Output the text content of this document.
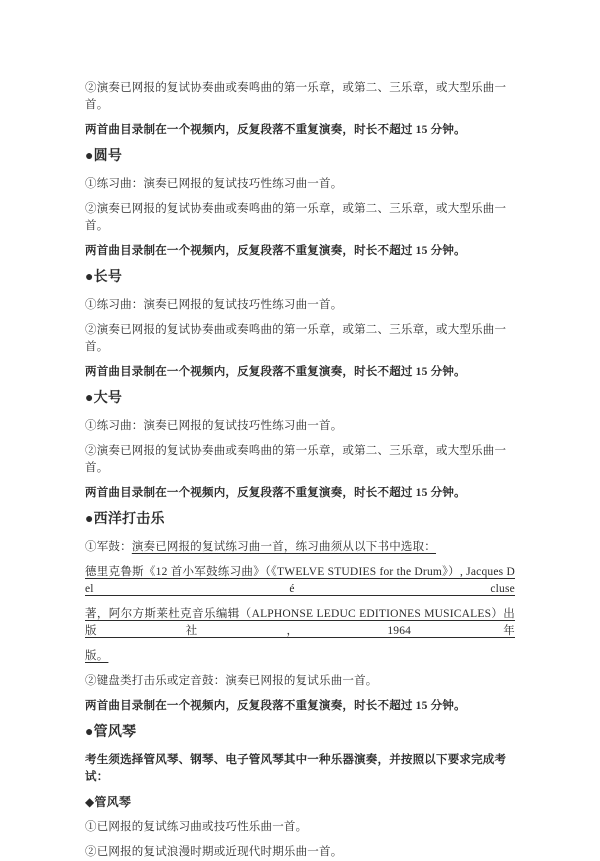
②演奏已网报的复试协奏曲或奏鸣曲的第一乐章，或第二、三乐章，或大型乐曲一首。

两首曲目录制在一个视频内，反复段落不重复演奏，时长不超过 15 分钟。

●圆号

①练习曲：演奏已网报的复试技巧性练习曲一首。

②演奏已网报的复试协奏曲或奏鸣曲的第一乐章，或第二、三乐章，或大型乐曲一首。

两首曲目录制在一个视频内，反复段落不重复演奏，时长不超过 15 分钟。

●长号

①练习曲：演奏已网报的复试技巧性练习曲一首。

②演奏已网报的复试协奏曲或奏鸣曲的第一乐章，或第二、三乐章，或大型乐曲一首。

两首曲目录制在一个视频内，反复段落不重复演奏，时长不超过 15 分钟。

●大号

①练习曲：演奏已网报的复试技巧性练习曲一首。

②演奏已网报的复试协奏曲或奏鸣曲的第一乐章，或第二、三乐章，或大型乐曲一首。

两首曲目录制在一个视频内，反复段落不重复演奏，时长不超过 15 分钟。

●西洋打击乐

①军鼓：演奏已网报的复试练习曲一首，练习曲须从以下书中选取：

德里克鲁斯《12 首小军鼓练习曲》（《TWELVE STUDIES for the Drum》）, Jacques Del é cluse

著，阿尔方斯莱杜克音乐编辑（ALPHONSE LEDUC EDITIONES MUSICALES）出版社，1964 年

版。

②键盘类打击乐或定音鼓：演奏已网报的复试乐曲一首。

两首曲目录制在一个视频内，反复段落不重复演奏，时长不超过 15 分钟。

●管风琴

考生须选择管风琴、钢琴、电子管风琴其中一种乐器演奏，并按照以下要求完成考试：

◆管风琴

①已网报的复试练习曲或技巧性乐曲一首。

②已网报的复试浪漫时期或近现代时期乐曲一首。
